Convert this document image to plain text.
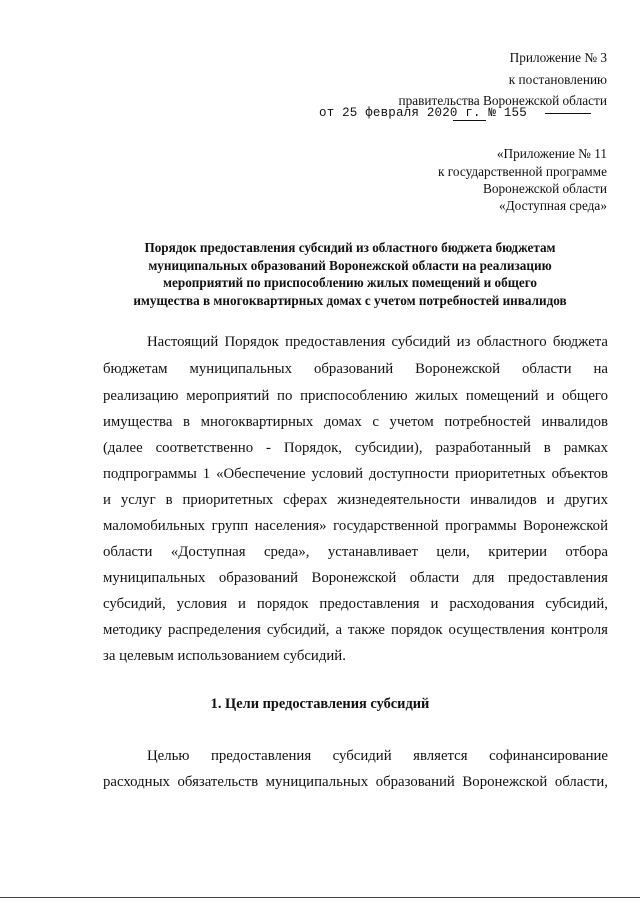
Приложение № 3
к постановлению
правительства Воронежской области
от 25 февраля 2020 г. № 155
«Приложение № 11
к государственной программе
Воронежской области
«Доступная среда»
Порядок предоставления субсидий из областного бюджета бюджетам
муниципальных образований Воронежской области на реализацию
мероприятий по приспособлению жилых помещений и общего
имущества в многоквартирных домах с учетом потребностей инвалидов
Настоящий Порядок предоставления субсидий из областного бюджета
бюджетам муниципальных образований Воронежской области на
реализацию мероприятий по приспособлению жилых помещений и общего
имущества в многоквартирных домах с учетом потребностей инвалидов
(далее соответственно - Порядок, субсидии), разработанный в рамках
подпрограммы 1 «Обеспечение условий доступности приоритетных объектов
и услуг в приоритетных сферах жизнедеятельности инвалидов и других
маломобильных групп населения» государственной программы Воронежской
области «Доступная среда», устанавливает цели, критерии отбора
муниципальных образований Воронежской области для предоставления
субсидий, условия и порядок предоставления и расходования субсидий,
методику распределения субсидий, а также порядок осуществления контроля
за целевым использованием субсидий.
1. Цели предоставления субсидий
Целью предоставления субсидий является софинансирование
расходных обязательств муниципальных образований Воронежской области,
